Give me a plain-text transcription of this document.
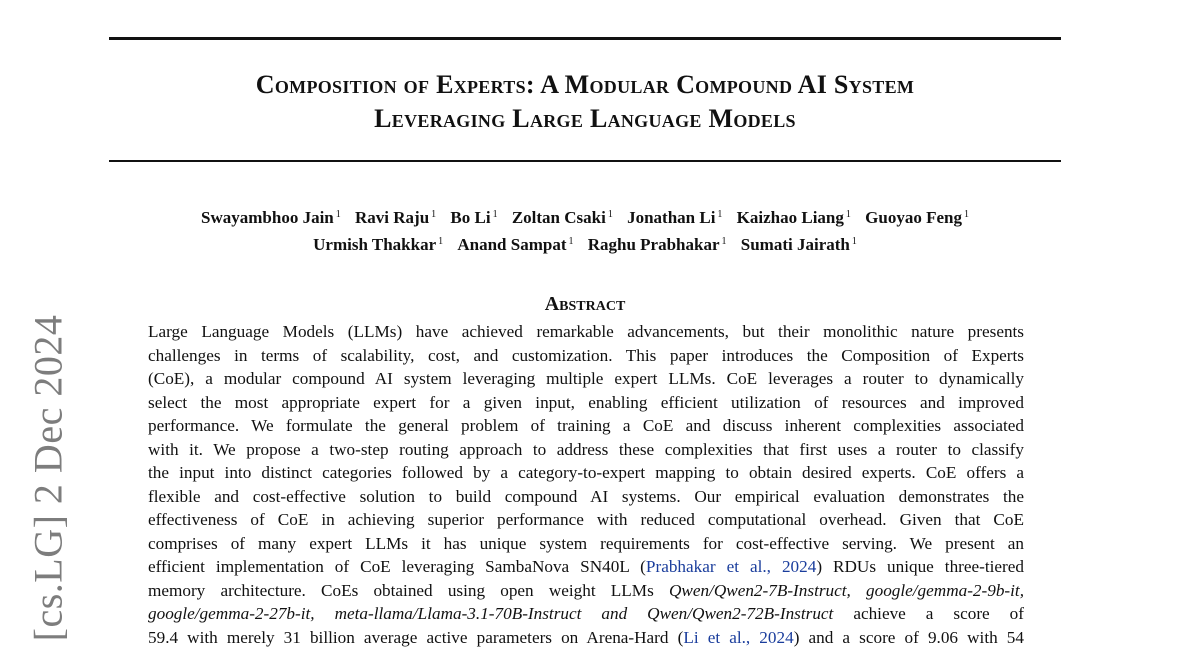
Composition of Experts: A Modular Compound AI System
Leveraging Large Language Models
Swayambhoo Jain $^1$ Ravi Raju $^1$ Bo Li $^1$ Zoltan Csaki $^1$ Jonathan Li $^1$ Kaizhao Liang $^1$ Guoyao Feng $^1$
Urmish Thakkar $^1$ Anand Sampat $^1$ Raghu Prabhakar $^1$ Sumati Jairath $^1$
Abstract
Large Language Models (LLMs) have achieved remarkable advancements, but their monolithic nature presents
challenges in terms of scalability, cost, and customization. This paper introduces the Composition of Experts
(CoE), a modular compound AI system leveraging multiple expert LLMs. CoE leverages a router to dynamically
select the most appropriate expert for a given input, enabling efficient utilization of resources and improved
performance. We formulate the general problem of training a CoE and discuss inherent complexities associated
with it. We propose a two-step routing approach to address these complexities that first uses a router to classify
the input into distinct categories followed by a category-to-expert mapping to obtain desired experts. CoE offers a
flexible and cost-effective solution to build compound AI systems. Our empirical evaluation demonstrates the
effectiveness of CoE in achieving superior performance with reduced computational overhead. Given that CoE
comprises of many expert LLMs it has unique system requirements for cost-effective serving. We present an
efficient implementation of CoE leveraging SambaNova SN40L (Prabhakar et al., 2024) RDUs unique three-tiered
memory architecture. CoEs obtained using open weight LLMs Qwen/Qwen2-7B-Instruct, google/gemma-2-9b-it,
google/gemma-2-27b-it, meta-llama/Llama-3.1-70B-Instruct and Qwen/Qwen2-72B-Instruct achieve a score of
59.4 with merely 31 billion average active parameters on Arena-Hard (Li et al., 2024) and a score of 9.06 with 54
[cs.LG] 2 Dec 2024
